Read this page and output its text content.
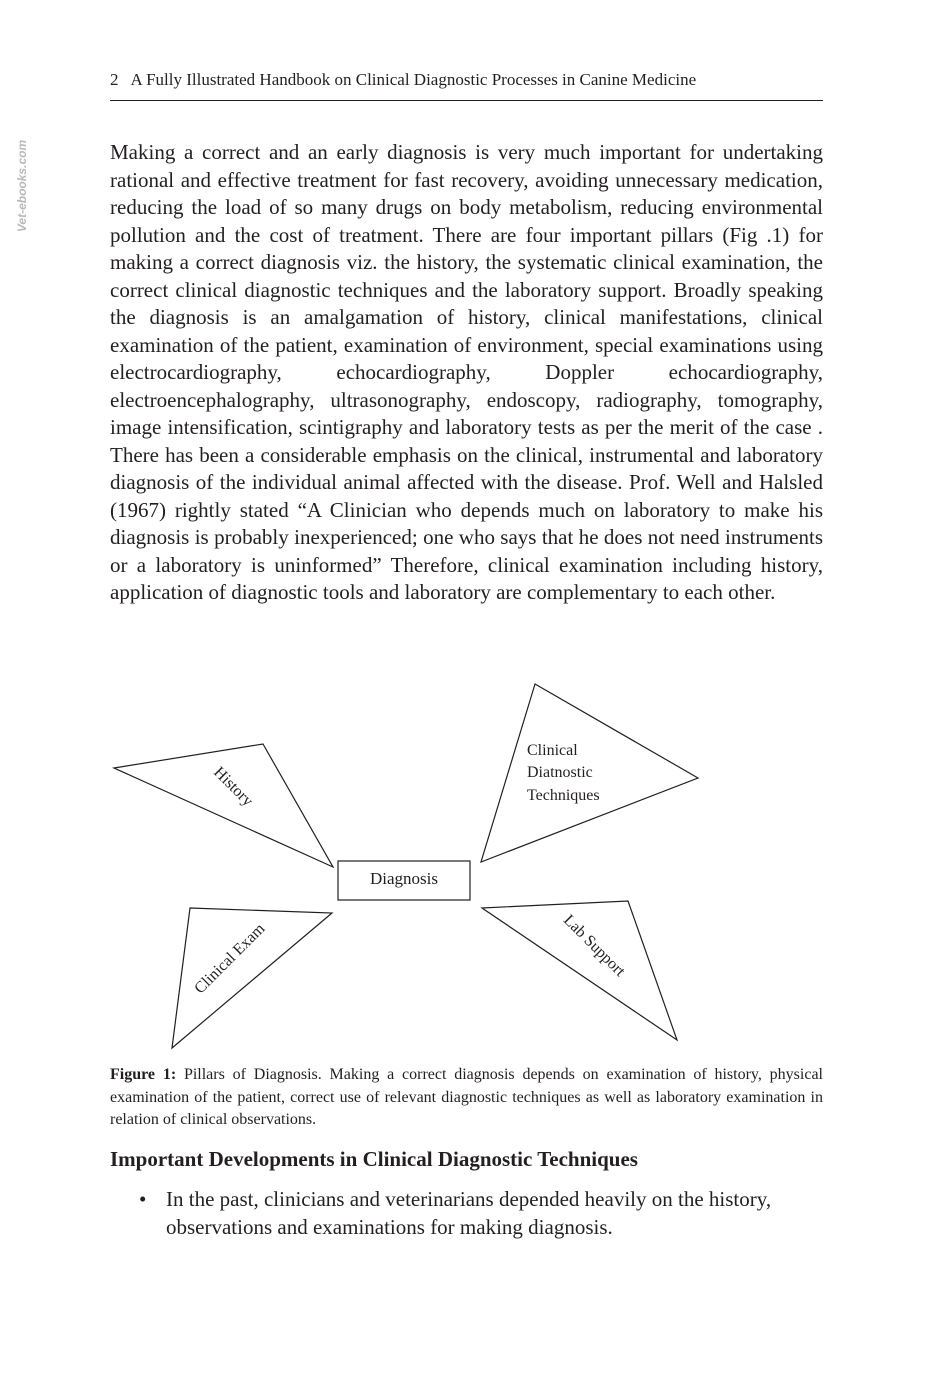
Vet-ebooks.com
2 A Fully Illustrated Handbook on Clinical Diagnostic Processes in Canine Medicine

Making a correct and an early diagnosis is very much important for undertaking rational and effective treatment for fast recovery, avoiding unnecessary medication, reducing the load of so many drugs on body metabolism, reducing environmental pollution and the cost of treatment. There are four important pillars (Fig .1) for making a correct diagnosis viz. the history, the systematic clinical examination, the correct clinical diagnostic techniques and the laboratory support. Broadly speaking the diagnosis is an amalgamation of history, clinical manifestations, clinical examination of the patient, examination of environment, special examinations using electrocardiography, echocardiography, Doppler echocardiography, electroencephalography, ultrasonography, endoscopy, radiography, tomography, image intensification, scintigraphy and laboratory tests as per the merit of the case . There has been a considerable emphasis on the clinical, instrumental and laboratory diagnosis of the individual animal affected with the disease. Prof. Well and Halsled (1967) rightly stated “A Clinician who depends much on laboratory to make his diagnosis is probably inexperienced; one who says that he does not need instruments or a laboratory is uninformed” Therefore, clinical examination including history, application of diagnostic tools and laboratory are complementary to each other.

Diagnosis
History
Clinical
Diatnostic
Techniques
Clinical Exam	Lab Support

Figure 1: Pillars of Diagnosis. Making a correct diagnosis depends on examination of history, physical examination of the patient, correct use of relevant diagnostic techniques as well as laboratory examination in relation of clinical observations.

Important Developments in Clinical Diagnostic Techniques
• In the past, clinicians and veterinarians depended heavily on the history, observations and examinations for making diagnosis.
